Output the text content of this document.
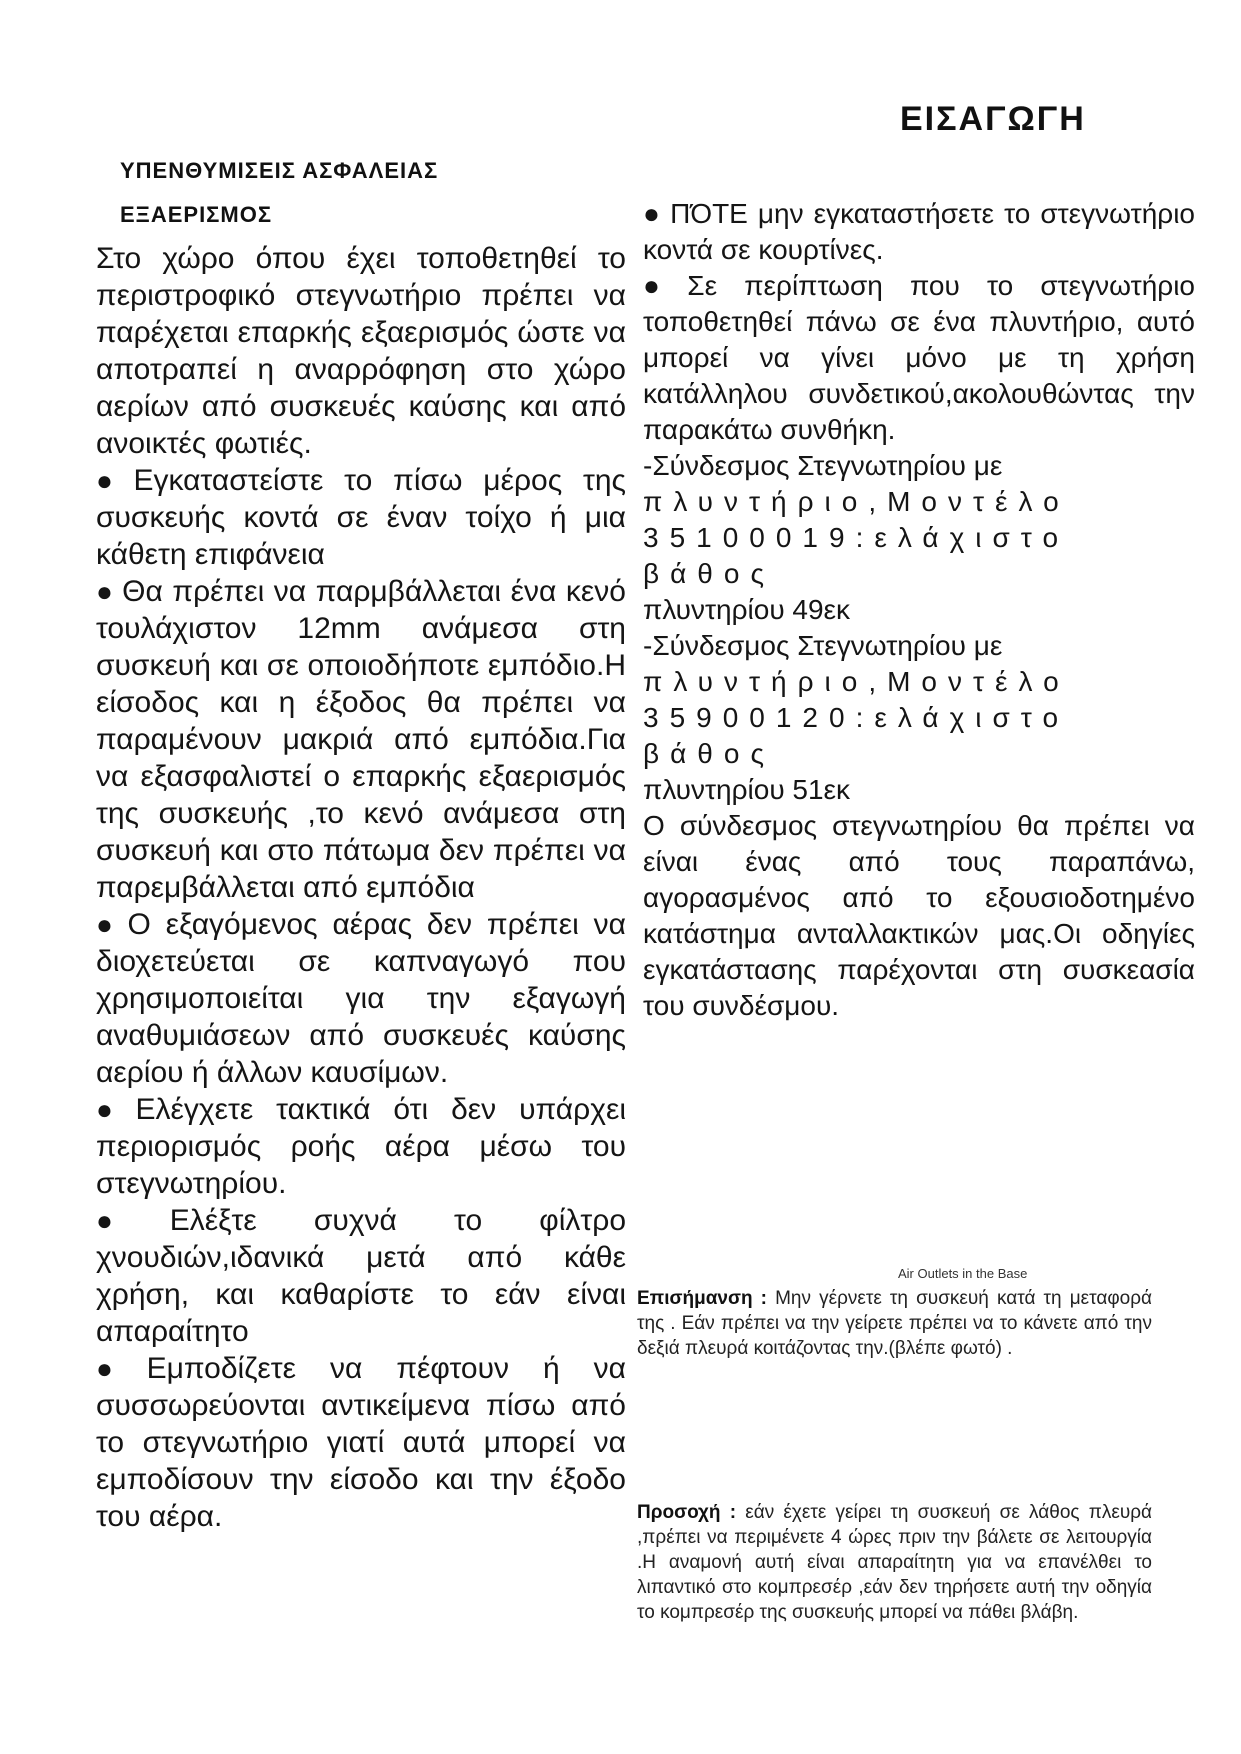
ΕΙΣΑΓΩΓΗ
ΥΠΕΝΘΥΜΙΣΕΙΣ ΑΣΦΑΛΕΙΑΣ
ΕΞΑΕΡΙΣΜΟΣ

Στο χώρο όπου έχει τοποθετηθεί το περιστροφικό στεγνωτήριο πρέπει να παρέχεται επαρκής εξαερισμός ώστε να αποτραπεί η αναρρόφηση στο χώρο αερίων από συσκευές καύσης και από ανοικτές φωτιές.

● Εγκαταστείστε το πίσω μέρος της συσκευής κοντά σε έναν τοίχο ή μια κάθετη επιφάνεια

● Θα πρέπει να παρμβάλλεται ένα κενό τουλάχιστον 12mm ανάμεσα στη συσκευή και σε οποιοδήποτε εμπόδιο.Η είσοδος και η έξοδος θα πρέπει να παραμένουν μακριά από εμπόδια.Για να εξασφαλιστεί ο επαρκής εξαερισμός της συσκευής ,το κενό ανάμεσα στη συσκευή και στο πάτωμα δεν πρέπει να παρεμβάλλεται από εμπόδια

● Ο εξαγόμενος αέρας δεν πρέπει να διοχετεύεται σε καπναγωγό που χρησιμοποιείται για την εξαγωγή αναθυμιάσεων από συσκευές καύσης αερίου ή άλλων καυσίμων.

● Ελέγχετε τακτικά ότι δεν υπάρχει περιορισμός ροής αέρα μέσω του στεγνωτηρίου.

● Ελέξτε συχνά το φίλτρο χνουδιών,ιδανικά μετά από κάθε χρήση, και καθαρίστε το εάν είναι απαραίτητο

● Εμποδίζετε να πέφτουν ή να συσσωρεύονται αντικείμενα πίσω από το στεγνωτήριο γιατί αυτά μπορεί να εμποδίσουν την είσοδο και την έξοδο του αέρα.

● ΠΌΤΕ μην εγκαταστήσετε το στεγνωτήριο κοντά σε κουρτίνες.

● Σε περίπτωση που το στεγνωτήριο τοποθετηθεί πάνω σε ένα πλυντήριο, αυτό μπορεί να γίνει μόνο με τη χρήση κατάλληλου συνδετικού,ακολουθώντας την παρακάτω συνθήκη.

-Σύνδεσμος Στεγνωτηρίου με

πλυντήριο,Μοντέλο

35100019:ελάχιστο βάθος

πλυντηρίου 49εκ

-Σύνδεσμος Στεγνωτηρίου με

πλυντήριο,Μοντέλο

35900120:ελάχιστο βάθος

πλυντηρίου 51εκ

Ο σύνδεσμος στεγνωτηρίου θα πρέπει να είναι ένας από τους παραπάνω, αγορασμένος από το εξουσιοδοτημένο κατάστημα ανταλλακτικών μας.Οι οδηγίες εγκατάστασης παρέχονται στη συσκεασία του συνδέσμου.

Air Outlets in the Base
Επισήμανση : Μην γέρνετε τη συσκευή κατά τη μεταφορά της . Εάν πρέπει να την γείρετε πρέπει να το κάνετε από την δεξιά πλευρά κοιτάζοντας την.(βλέπε φωτό) .
Προσοχή : εάν έχετε γείρει τη συσκευή σε λάθος πλευρά ,πρέπει να περιμένετε 4 ώρες πριν την βάλετε σε λειτουργία .Η αναμονή αυτή είναι απαραίτητη για να επανέλθει το λιπαντικό στο κομπρεσέρ ,εάν δεν τηρήσετε αυτή την οδηγία το κομπρεσέρ της συσκευής μπορεί να πάθει βλάβη.
